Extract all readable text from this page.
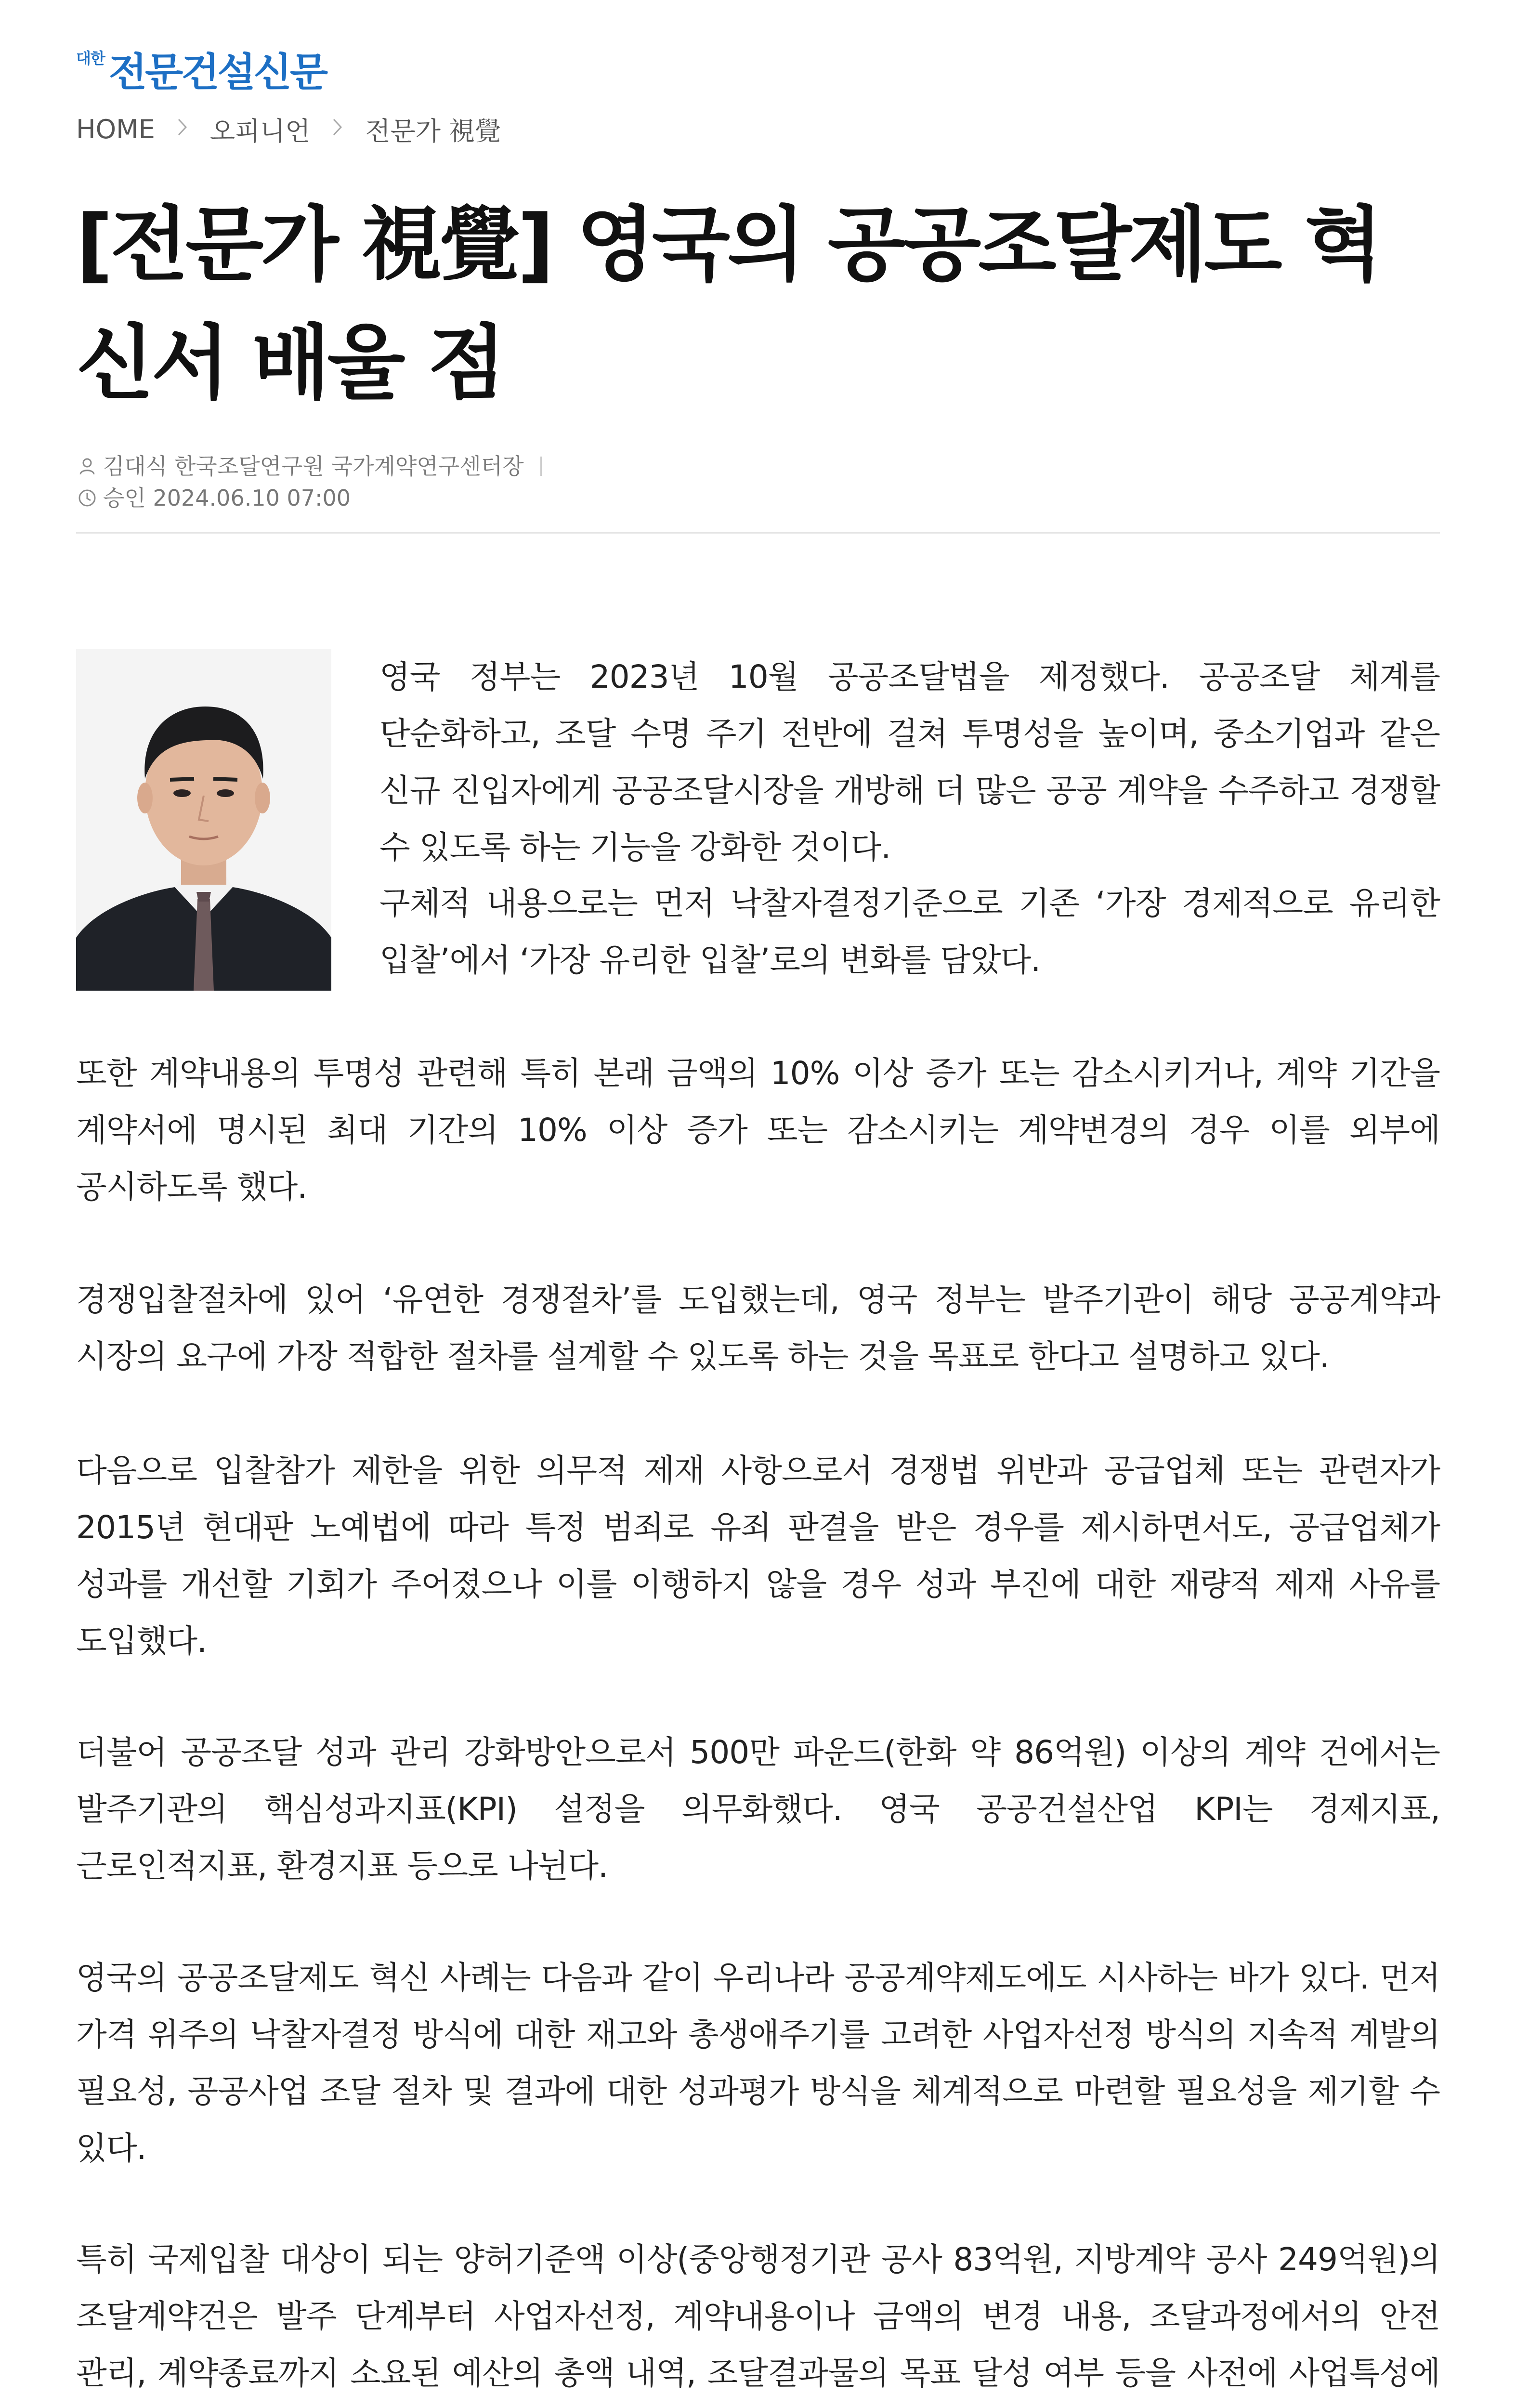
대한 전문건설신문
HOME 오피니언 전문가 視覺
[전문가 視覺] 영국의 공공조달제도 혁신서 배울 점
김대식 한국조달연구원 국가계약연구센터장
승인 2024.06.10 07:00

영국 정부는 2023년 10월 공공조달법을 제정했다. 공공조달 체계를 단순화하고, 조달 수명 주기 전반에 걸쳐 투명성을 높이며, 중소기업과 같은 신규 진입자에게 공공조달시장을 개방해 더 많은 공공 계약을 수주하고 경쟁할 수 있도록 하는 기능을 강화한 것이다.

구체적 내용으로는 먼저 낙찰자결정기준으로 기존 ‘가장 경제적으로 유리한 입찰’에서 ‘가장 유리한 입찰’로의 변화를 담았다.

또한 계약내용의 투명성 관련해 특히 본래 금액의 10% 이상 증가 또는 감소시키거나, 계약 기간을 계약서에 명시된 최대 기간의 10% 이상 증가 또는 감소시키는 계약변경의 경우 이를 외부에 공시하도록 했다.

경쟁입찰절차에 있어 ‘유연한 경쟁절차’를 도입했는데, 영국 정부는 발주기관이 해당 공공계약과 시장의 요구에 가장 적합한 절차를 설계할 수 있도록 하는 것을 목표로 한다고 설명하고 있다.

다음으로 입찰참가 제한을 위한 의무적 제재 사항으로서 경쟁법 위반과 공급업체 또는 관련자가 2015년 현대판 노예법에 따라 특정 범죄로 유죄 판결을 받은 경우를 제시하면서도, 공급업체가 성과를 개선할 기회가 주어졌으나 이를 이행하지 않을 경우 성과 부진에 대한 재량적 제재 사유를 도입했다.

더불어 공공조달 성과 관리 강화방안으로서 500만 파운드(한화 약 86억원) 이상의 계약 건에서는 발주기관의 핵심성과지표(KPI) 설정을 의무화했다. 영국 공공건설산업 KPI는 경제지표, 근로인적지표, 환경지표 등으로 나뉜다.

영국의 공공조달제도 혁신 사례는 다음과 같이 우리나라 공공계약제도에도 시사하는 바가 있다. 먼저 가격 위주의 낙찰자결정 방식에 대한 재고와 총생애주기를 고려한 사업자선정 방식의 지속적 계발의 필요성, 공공사업 조달 절차 및 결과에 대한 성과평가 방식을 체계적으로 마련할 필요성을 제기할 수 있다.

특히 국제입찰 대상이 되는 양허기준액 이상(중앙행정기관 공사 83억원, 지방계약 공사 249억원)의 조달계약건은 발주 단계부터 사업자선정, 계약내용이나 금액의 변경 내용, 조달과정에서의 안전 관리, 계약종료까지 소요된 예산의 총액 내역, 조달결과물의 목표 달성 여부 등을 사전에 사업특성에
